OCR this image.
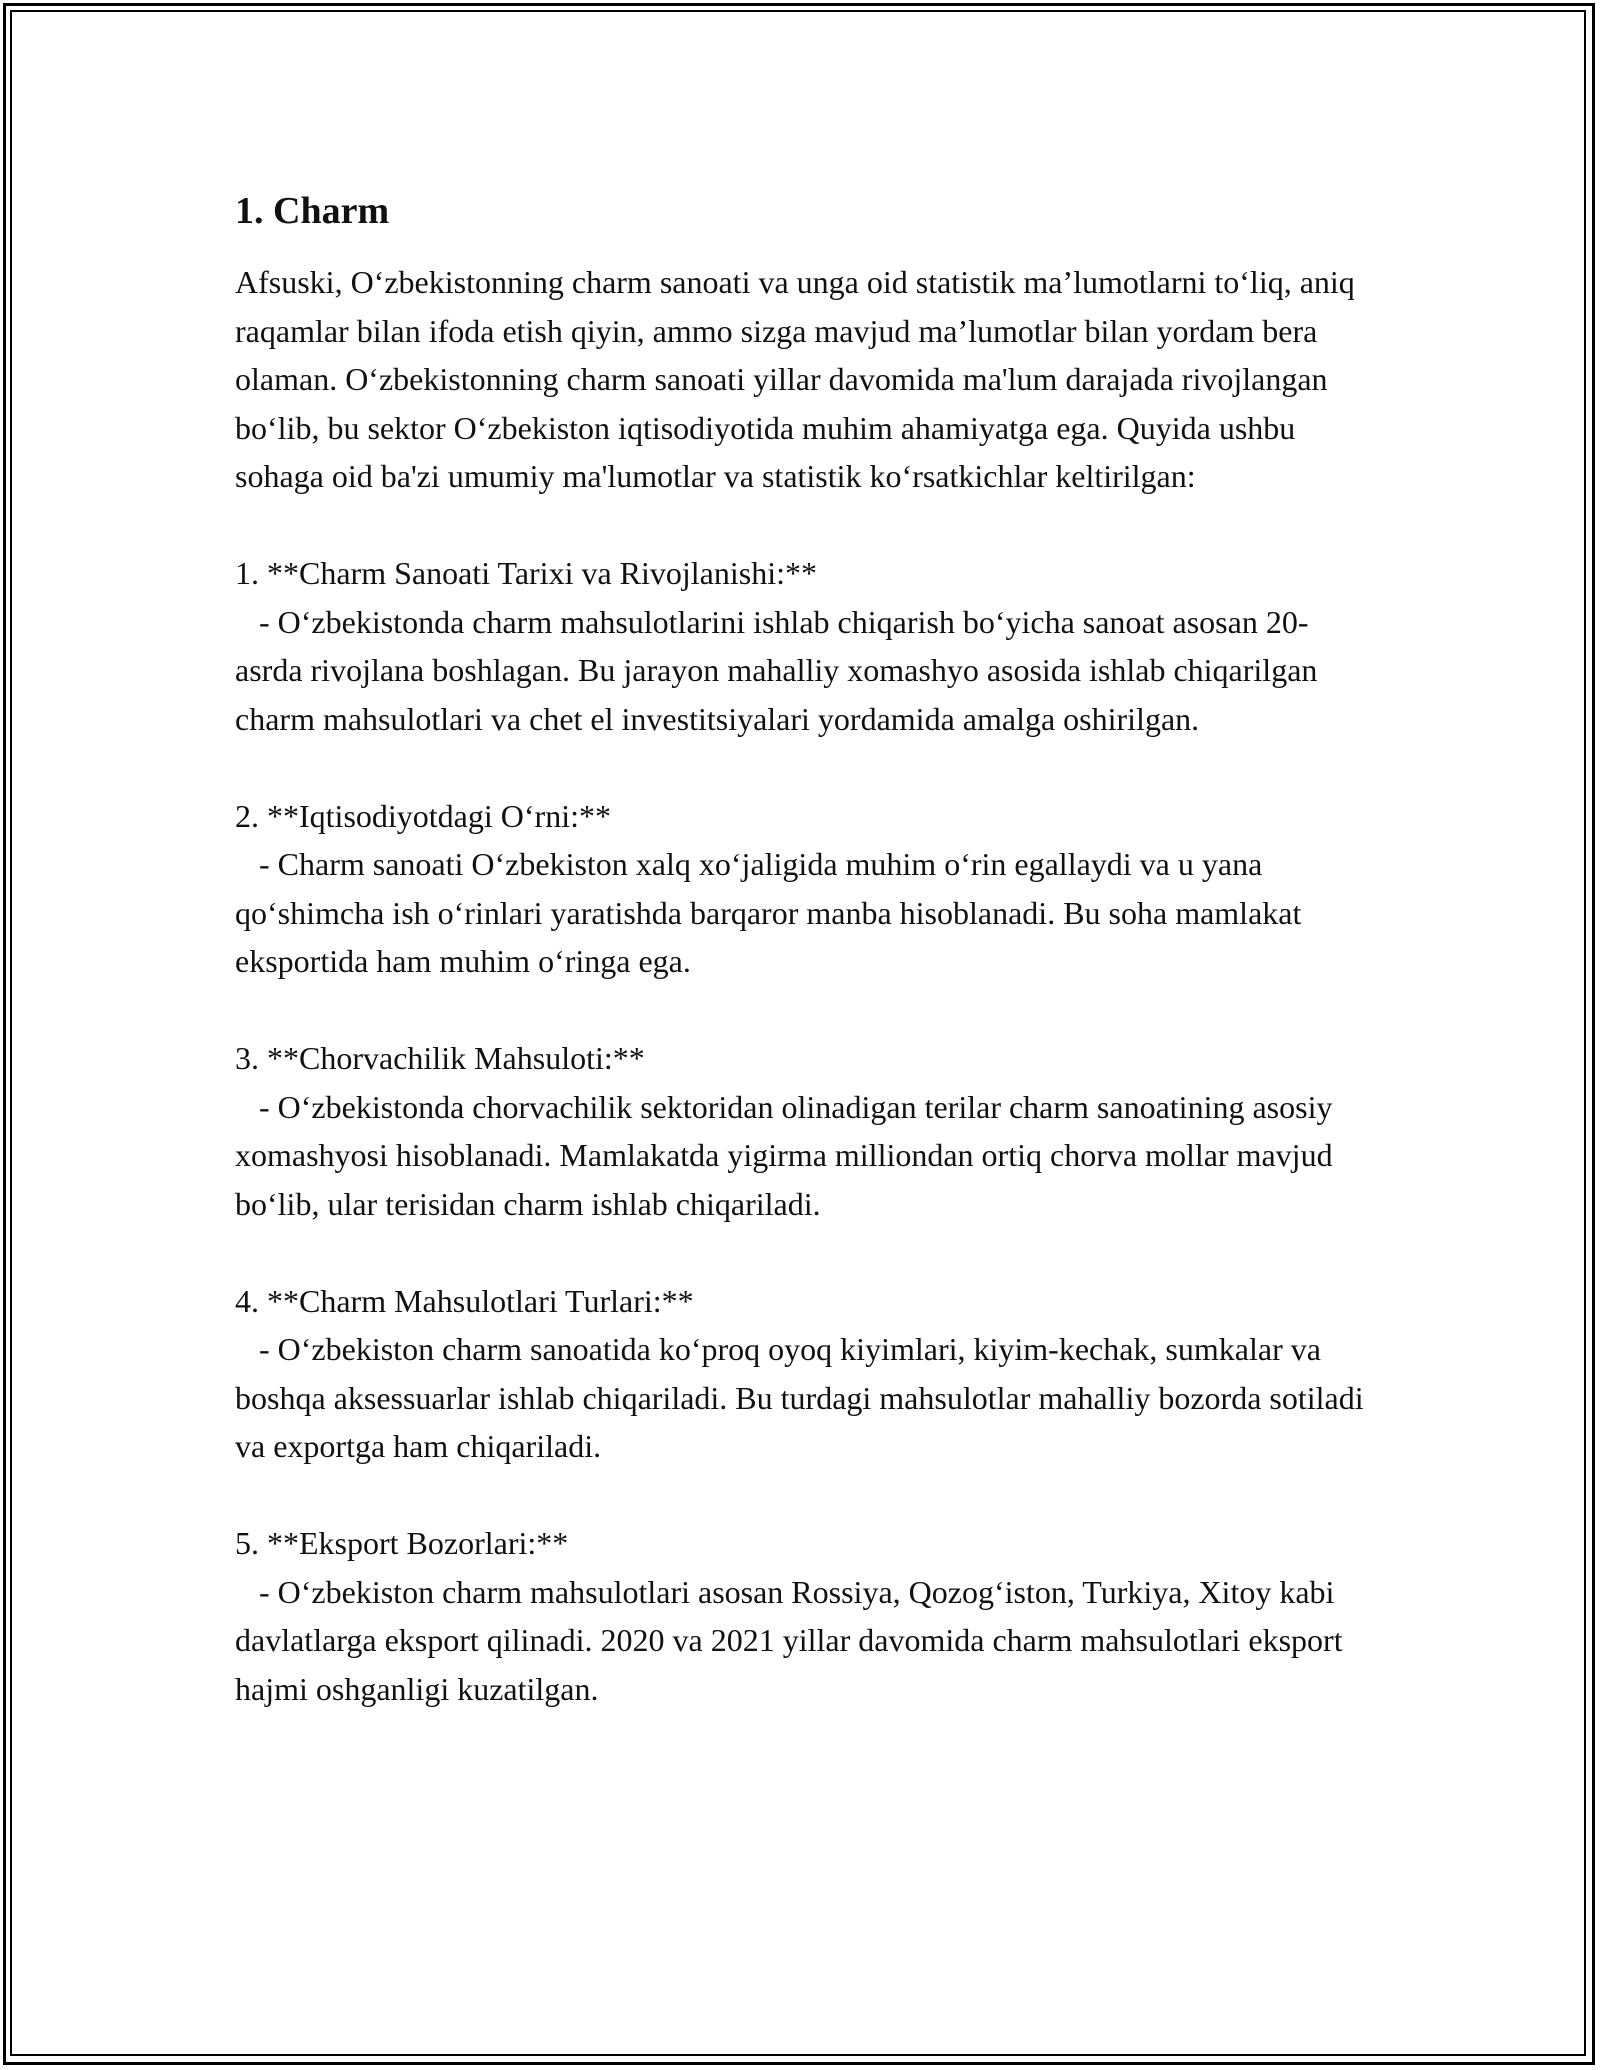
1. Charm

Afsuski, O‘zbekistonning charm sanoati va unga oid statistik ma’lumotlarni to‘liq, aniq raqamlar bilan ifoda etish qiyin, ammo sizga mavjud ma’lumotlar bilan yordam bera olaman. O‘zbekistonning charm sanoati yillar davomida ma'lum darajada rivojlangan bo‘lib, bu sektor O‘zbekiston iqtisodiyotida muhim ahamiyatga ega. Quyida ushbu sohaga oid ba'zi umumiy ma'lumotlar va statistik ko‘rsatkichlar keltirilgan:

1. **Charm Sanoati Tarixi va Rivojlanishi:**

- O‘zbekistonda charm mahsulotlarini ishlab chiqarish bo‘yicha sanoat asosan 20-asrda rivojlana boshlagan. Bu jarayon mahalliy xomashyo asosida ishlab chiqarilgan charm mahsulotlari va chet el investitsiyalari yordamida amalga oshirilgan.

2. **Iqtisodiyotdagi O‘rni:**

- Charm sanoati O‘zbekiston xalq xo‘jaligida muhim o‘rin egallaydi va u yana qo‘shimcha ish o‘rinlari yaratishda barqaror manba hisoblanadi. Bu soha mamlakat eksportida ham muhim o‘ringa ega.

3. **Chorvachilik Mahsuloti:**

- O‘zbekistonda chorvachilik sektoridan olinadigan terilar charm sanoatining asosiy xomashyosi hisoblanadi. Mamlakatda yigirma milliondan ortiq chorva mollar mavjud bo‘lib, ular terisidan charm ishlab chiqariladi.

4. **Charm Mahsulotlari Turlari:**

- O‘zbekiston charm sanoatida ko‘proq oyoq kiyimlari, kiyim-kechak, sumkalar va boshqa aksessuarlar ishlab chiqariladi. Bu turdagi mahsulotlar mahalliy bozorda sotiladi va exportga ham chiqariladi.

5. **Eksport Bozorlari:**

- O‘zbekiston charm mahsulotlari asosan Rossiya, Qozog‘iston, Turkiya, Xitoy kabi davlatlarga eksport qilinadi. 2020 va 2021 yillar davomida charm mahsulotlari eksport hajmi oshganligi kuzatilgan.
